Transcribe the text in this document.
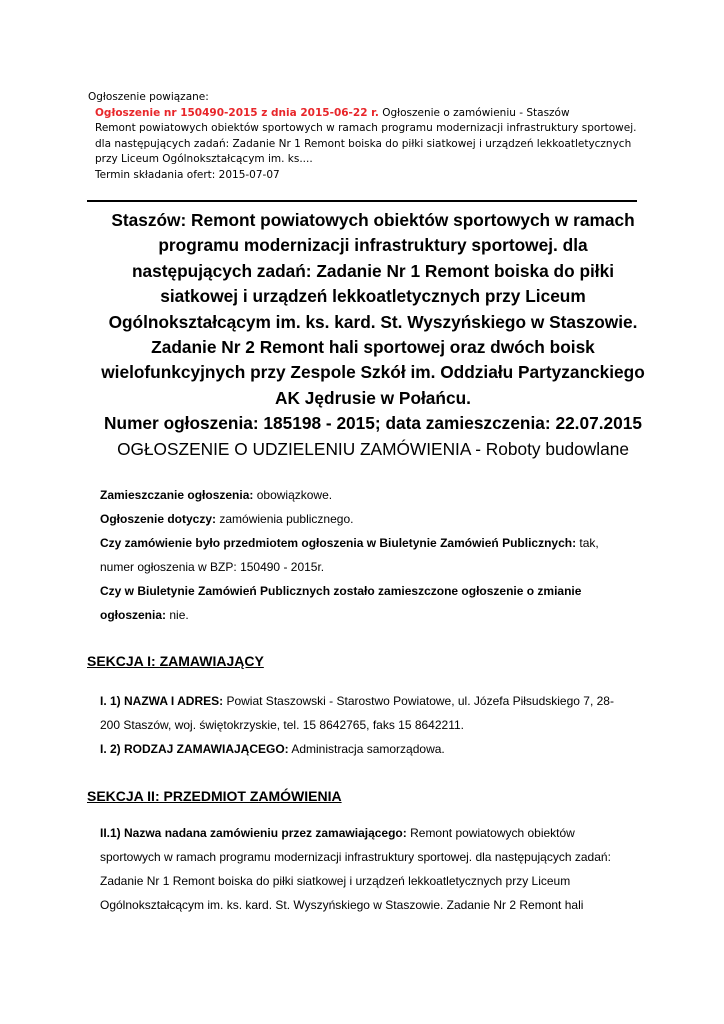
Ogłoszenie powiązane:
Ogłoszenie nr 150490-2015 z dnia 2015-06-22 r. Ogłoszenie o zamówieniu - Staszów
Remont powiatowych obiektów sportowych w ramach programu modernizacji infrastruktury sportowej.
dla następujących zadań: Zadanie Nr 1 Remont boiska do piłki siatkowej i urządzeń lekkoatletycznych
przy Liceum Ogólnokształcącym im. ks....
Termin składania ofert: 2015-07-07
Staszów: Remont powiatowych obiektów sportowych w ramach
programu modernizacji infrastruktury sportowej. dla
następujących zadań: Zadanie Nr 1 Remont boiska do piłki
siatkowej i urządzeń lekkoatletycznych przy Liceum
Ogólnokształcącym im. ks. kard. St. Wyszyńskiego w Staszowie.
Zadanie Nr 2 Remont hali sportowej oraz dwóch boisk
wielofunkcyjnych przy Zespole Szkół im. Oddziału Partyzanckiego
AK Jędrusie w Połańcu.
Numer ogłoszenia: 185198 - 2015; data zamieszczenia: 22.07.2015
OGŁOSZENIE O UDZIELENIU ZAMÓWIENIA - Roboty budowlane
Zamieszczanie ogłoszenia: obowiązkowe.
Ogłoszenie dotyczy: zamówienia publicznego.
Czy zamówienie było przedmiotem ogłoszenia w Biuletynie Zamówień Publicznych: tak,
numer ogłoszenia w BZP: 150490 - 2015r.
Czy w Biuletynie Zamówień Publicznych zostało zamieszczone ogłoszenie o zmianie
ogłoszenia: nie.
SEKCJA I: ZAMAWIAJĄCY
I. 1) NAZWA I ADRES: Powiat Staszowski - Starostwo Powiatowe, ul. Józefa Piłsudskiego 7, 28-
200 Staszów, woj. świętokrzyskie, tel. 15 8642765, faks 15 8642211.
I. 2) RODZAJ ZAMAWIAJĄCEGO: Administracja samorządowa.
SEKCJA II: PRZEDMIOT ZAMÓWIENIA
II.1) Nazwa nadana zamówieniu przez zamawiającego: Remont powiatowych obiektów
sportowych w ramach programu modernizacji infrastruktury sportowej. dla następujących zadań:
Zadanie Nr 1 Remont boiska do piłki siatkowej i urządzeń lekkoatletycznych przy Liceum
Ogólnokształcącym im. ks. kard. St. Wyszyńskiego w Staszowie. Zadanie Nr 2 Remont hali
